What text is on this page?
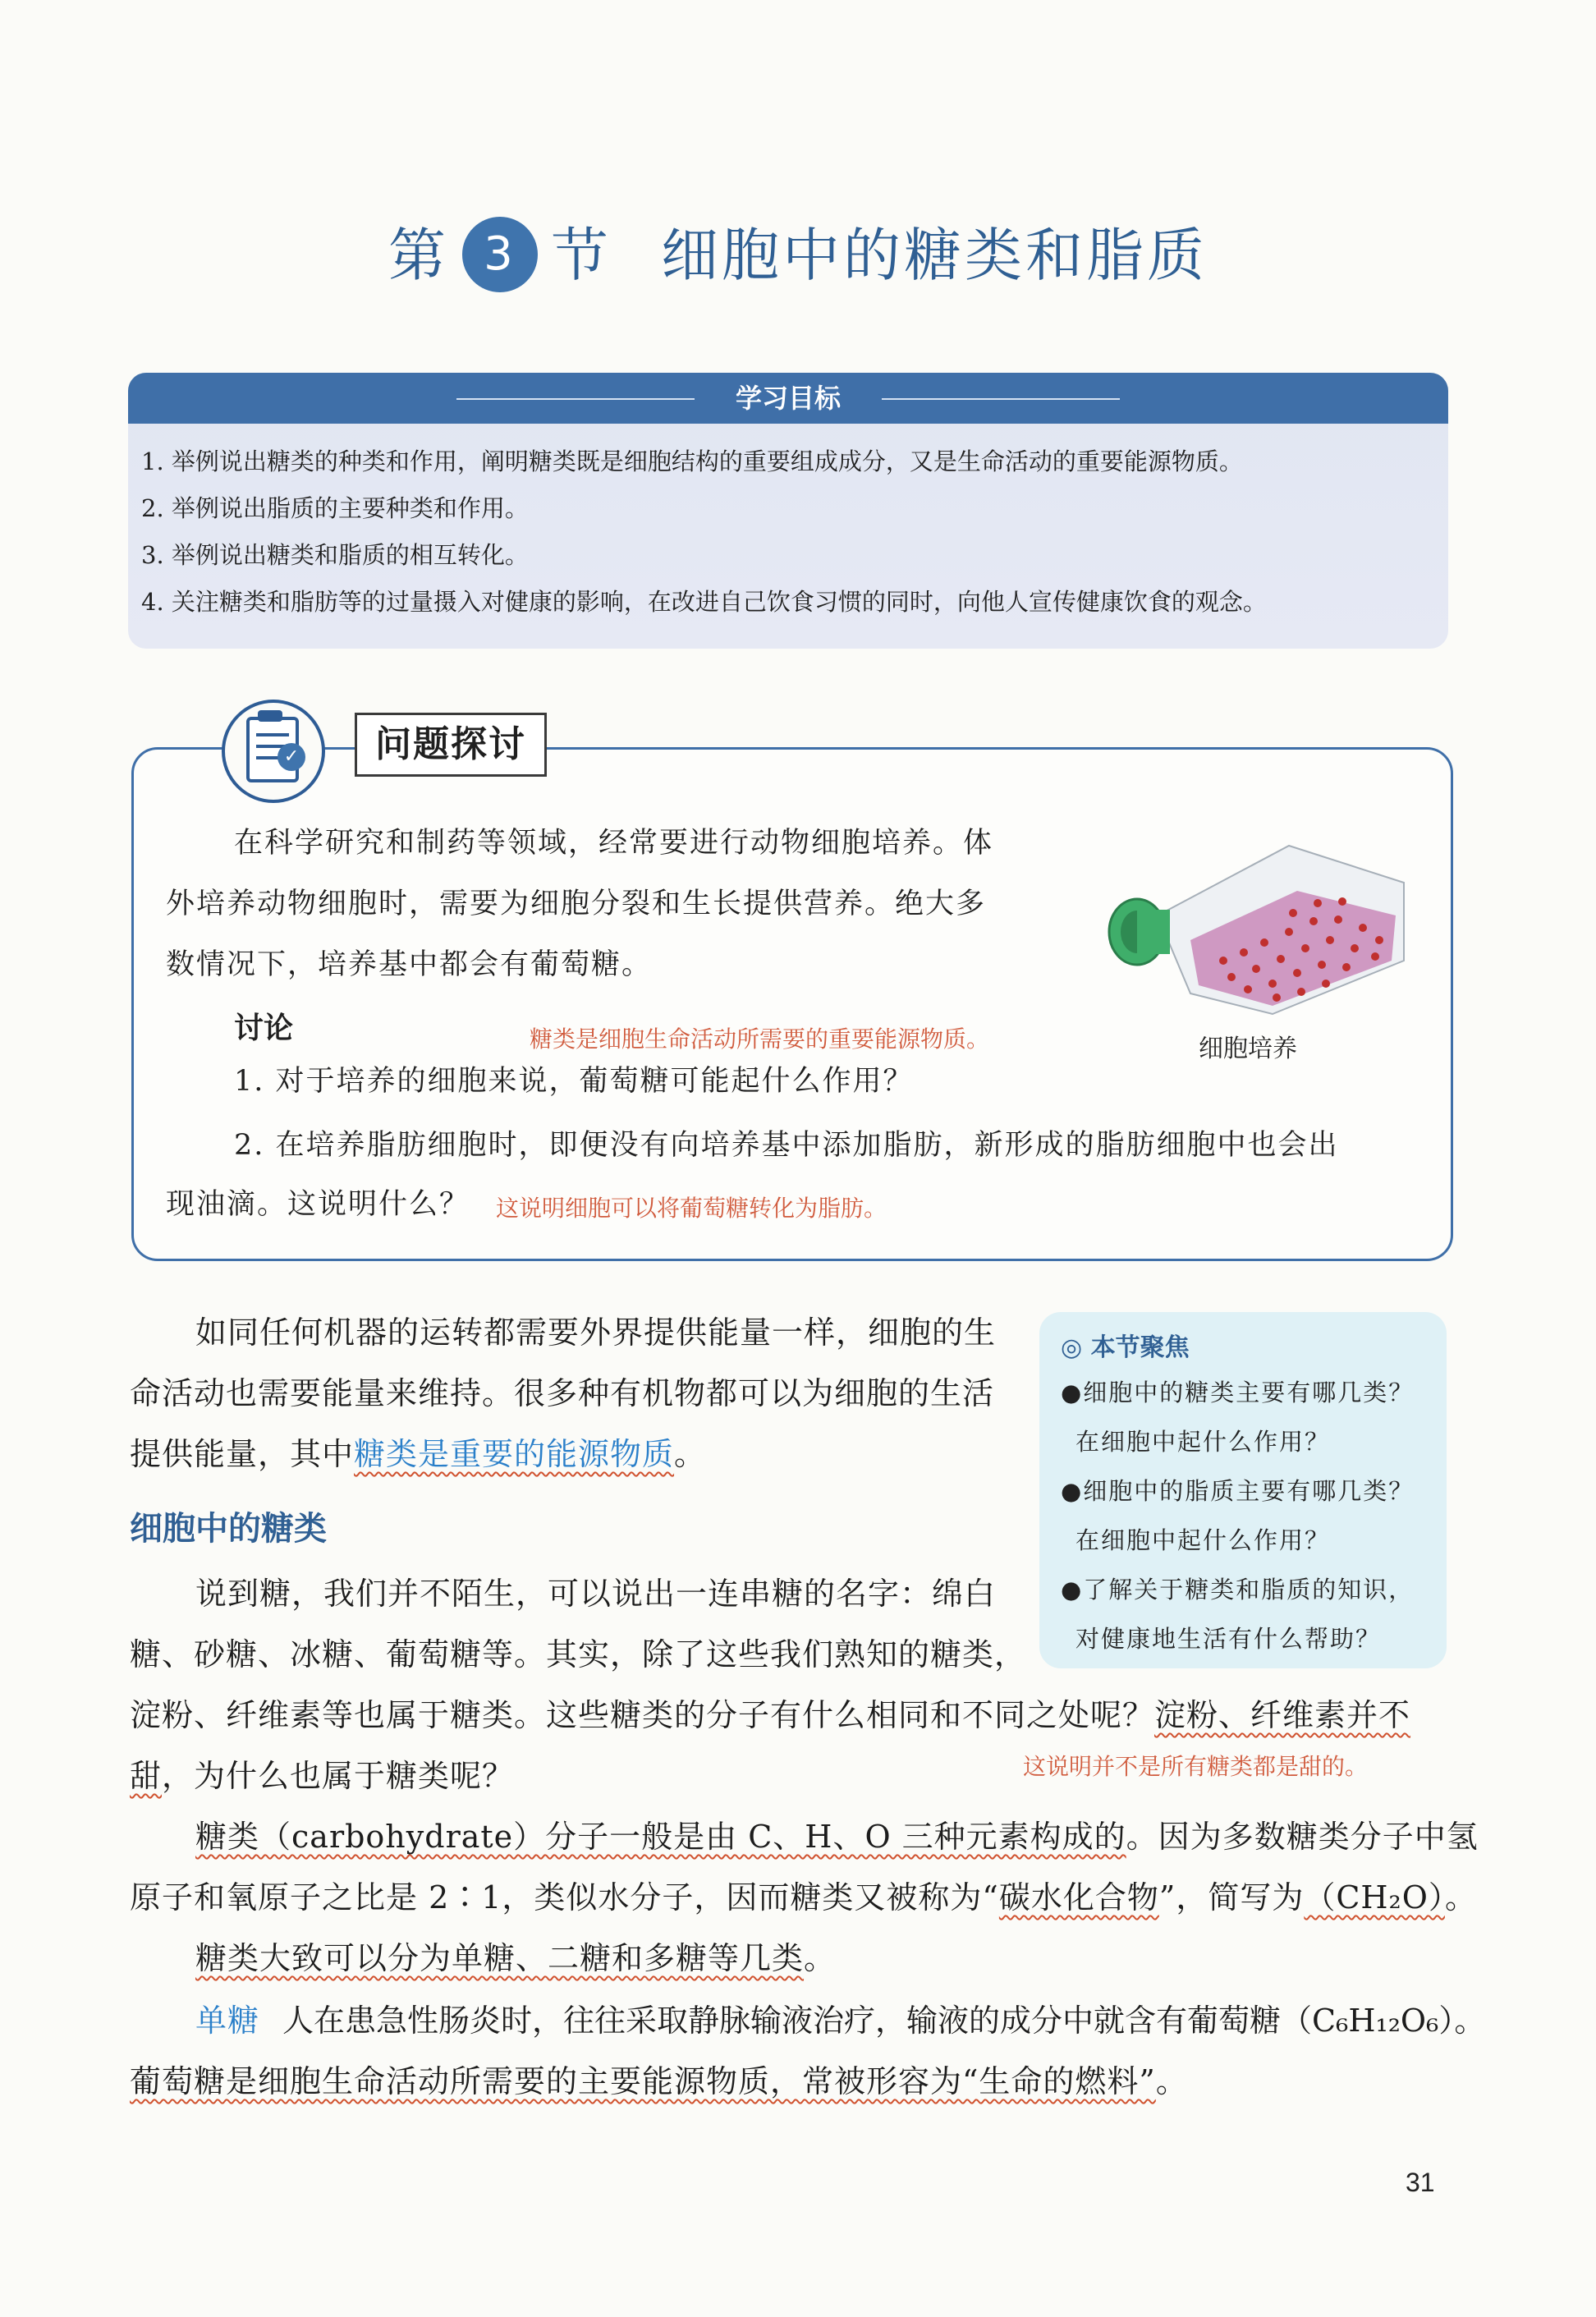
第 3 节 细胞中的糖类和脂质
学习目标
1. 举例说出糖类的种类和作用，阐明糖类既是细胞结构的重要组成成分，又是生命活动的重要能源物质。
2. 举例说出脂质的主要种类和作用。
3. 举例说出糖类和脂质的相互转化。
4. 关注糖类和脂肪等的过量摄入对健康的影响，在改进自己饮食习惯的同时，向他人宣传健康饮食的观念。
✓	问题探讨
在科学研究和制药等领域，经常要进行动物细胞培养。体
外培养动物细胞时，需要为细胞分裂和生长提供营养。绝大多
数情况下，培养基中都会有葡萄糖。
讨论	糖类是细胞生命活动所需要的重要能源物质。
1. 对于培养的细胞来说，葡萄糖可能起什么作用？
2. 在培养脂肪细胞时，即便没有向培养基中添加脂肪，新形成的脂肪细胞中也会出
现油滴。这说明什么？ 这说明细胞可以将葡萄糖转化为脂肪。
细胞培养
◎ 本节聚焦
●细胞中的糖类主要有哪几类？
在细胞中起什么作用？
●细胞中的脂质主要有哪几类？
在细胞中起什么作用？
●了解关于糖类和脂质的知识，
对健康地生活有什么帮助？
如同任何机器的运转都需要外界提供能量一样，细胞的生
命活动也需要能量来维持。很多种有机物都可以为细胞的生活
提供能量，其中糖类是重要的能源物质。
细胞中的糖类
说到糖，我们并不陌生，可以说出一连串糖的名字：绵白
糖、砂糖、冰糖、葡萄糖等。其实，除了这些我们熟知的糖类，
淀粉、纤维素等也属于糖类。这些糖类的分子有什么相同和不同之处呢？淀粉、纤维素并不
甜，为什么也属于糖类呢？	这说明并不是所有糖类都是甜的。
糖类（carbohydrate）分子一般是由 C、H、O 三种元素构成的。因为多数糖类分子中氢
原子和氧原子之比是 2∶1，类似水分子，因而糖类又被称为“碳水化合物”，简写为（CH₂O）。
糖类大致可以分为单糖、二糖和多糖等几类。
单糖 人在患急性肠炎时，往往采取静脉输液治疗，输液的成分中就含有葡萄糖（C₆H₁₂O₆）。
葡萄糖是细胞生命活动所需要的主要能源物质，常被形容为“生命的燃料”。
31
